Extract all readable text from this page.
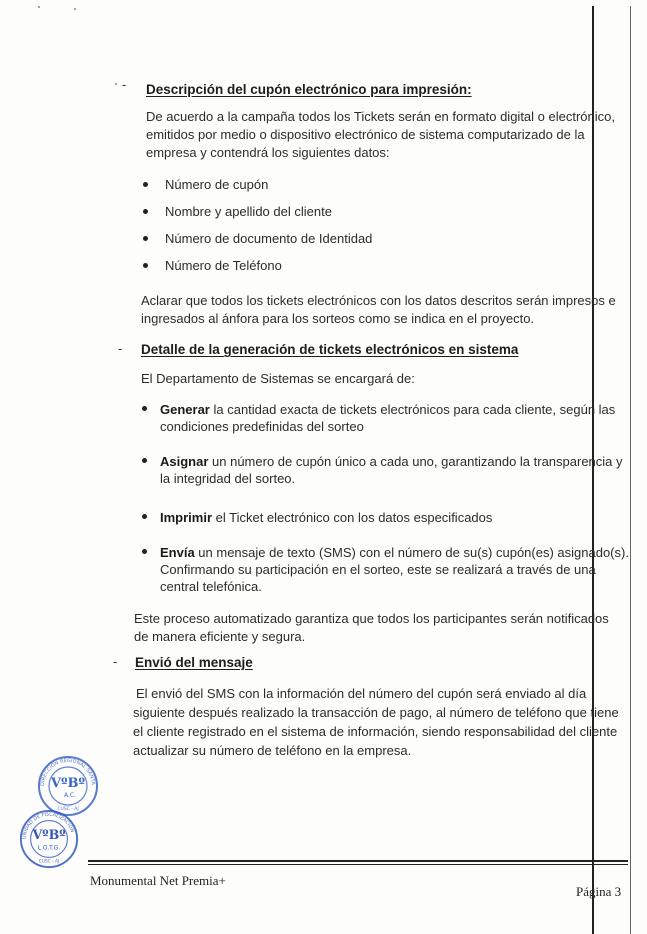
- Descripción del cupón electrónico para impresión:
De acuerdo a la campaña todos los Tickets serán en formato digital o electrónico,
emitidos por medio o dispositivo electrónico de sistema computarizado de la
empresa y contendrá los siguientes datos:
Número de cupón
Nombre y apellido del cliente
Número de documento de Identidad
Número de Teléfono
Aclarar que todos los tickets electrónicos con los datos descritos serán impresos e
ingresados al ánfora para los sorteos como se indica en el proyecto.
- Detalle de la generación de tickets electrónicos en sistema
El Departamento de Sistemas se encargará de:
Generar la cantidad exacta de tickets electrónicos para cada cliente, según las
condiciones predefinidas del sorteo
Asignar un número de cupón único a cada uno, garantizando la transparencia y
la integridad del sorteo.
Imprimir el Ticket electrónico con los datos especificados
Envía un mensaje de texto (SMS) con el número de su(s) cupón(es) asignado(s).
Confirmando su participación en el sorteo, este se realizará a través de una
central telefónica.
Este proceso automatizado garantiza que todos los participantes serán notificados
de manera eficiente y segura.
- Envió del mensaje
El envió del SMS con la información del número del cupón será enviado al día
siguiente después realizado la transacción de pago, al número de teléfono que tiene
el cliente registrado en el sistema de información, siendo responsabilidad del cliente
actualizar su número de teléfono en la empresa.
DIRECCIÓN REGIONAL SANTA
VºBº
A.C.
CUSC - AJ
UNIDAD DE FISCALIZACIÓN
VºBº
L.O.T.G.
CUSC - AJ
Monumental Net Premia+
Página 3
